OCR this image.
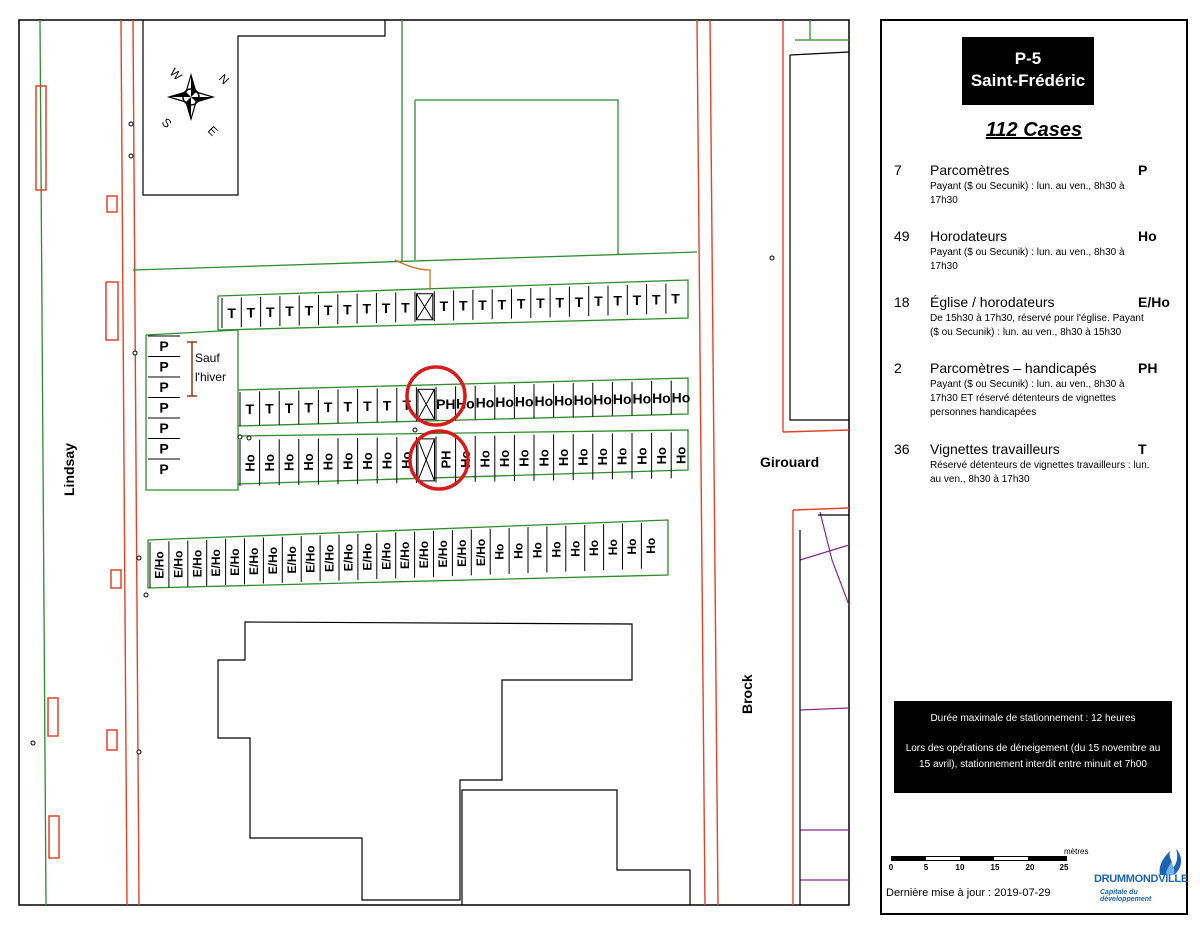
N
W
E
S
Lindsay
Brock
Girouard
Sauf
l'hiver
T T T T T T T T T T T T T T T T T T T T T T T
T T T T T T T T T PH Ho Ho Ho Ho Ho Ho Ho Ho Ho Ho Ho Ho
Ho Ho Ho Ho Ho Ho Ho Ho Ho PH Ho Ho Ho Ho Ho Ho Ho Ho Ho Ho Ho Ho
E/Ho E/Ho E/Ho E/Ho E/Ho E/Ho E/Ho E/Ho E/Ho E/Ho E/Ho E/Ho E/Ho E/Ho E/Ho E/Ho E/Ho E/Ho Ho Ho Ho Ho Ho Ho Ho Ho Ho
P
P
P
P
P
P
P
P-5
Saint-Frédéric
112 Cases
7 Parcomètres	P
Payant ($ ou Secunik) : lun. au ven., 8h30 à 17h30
49 Horodateurs	Ho
Payant ($ ou Secunik) : lun. au ven., 8h30 à 17h30
18 Église / horodateurs	E/Ho
De 15h30 à 17h30, réservé pour l'église. Payant ($ ou Secunik) : lun. au ven., 8h30 à 15h30
2 Parcomètres – handicapés	PH
Payant ($ ou Secunik) : lun. au ven., 8h30 à 17h30 ET réservé détenteurs de vignettes personnes handicapées
36 Vignettes travailleurs	T
Réservé détenteurs de vignettes travailleurs : lun. au ven., 8h30 à 17h30

Durée maximale de stationnement : 12 heures

Lors des opérations de déneigement (du 15 novembre au 15 avril), stationnement interdit entre minuit et 7h00

mètres
0	5	10	15	20	25
Dernière mise à jour : 2019-07-29
DRUMMONDVILLE
Capitale du développement
